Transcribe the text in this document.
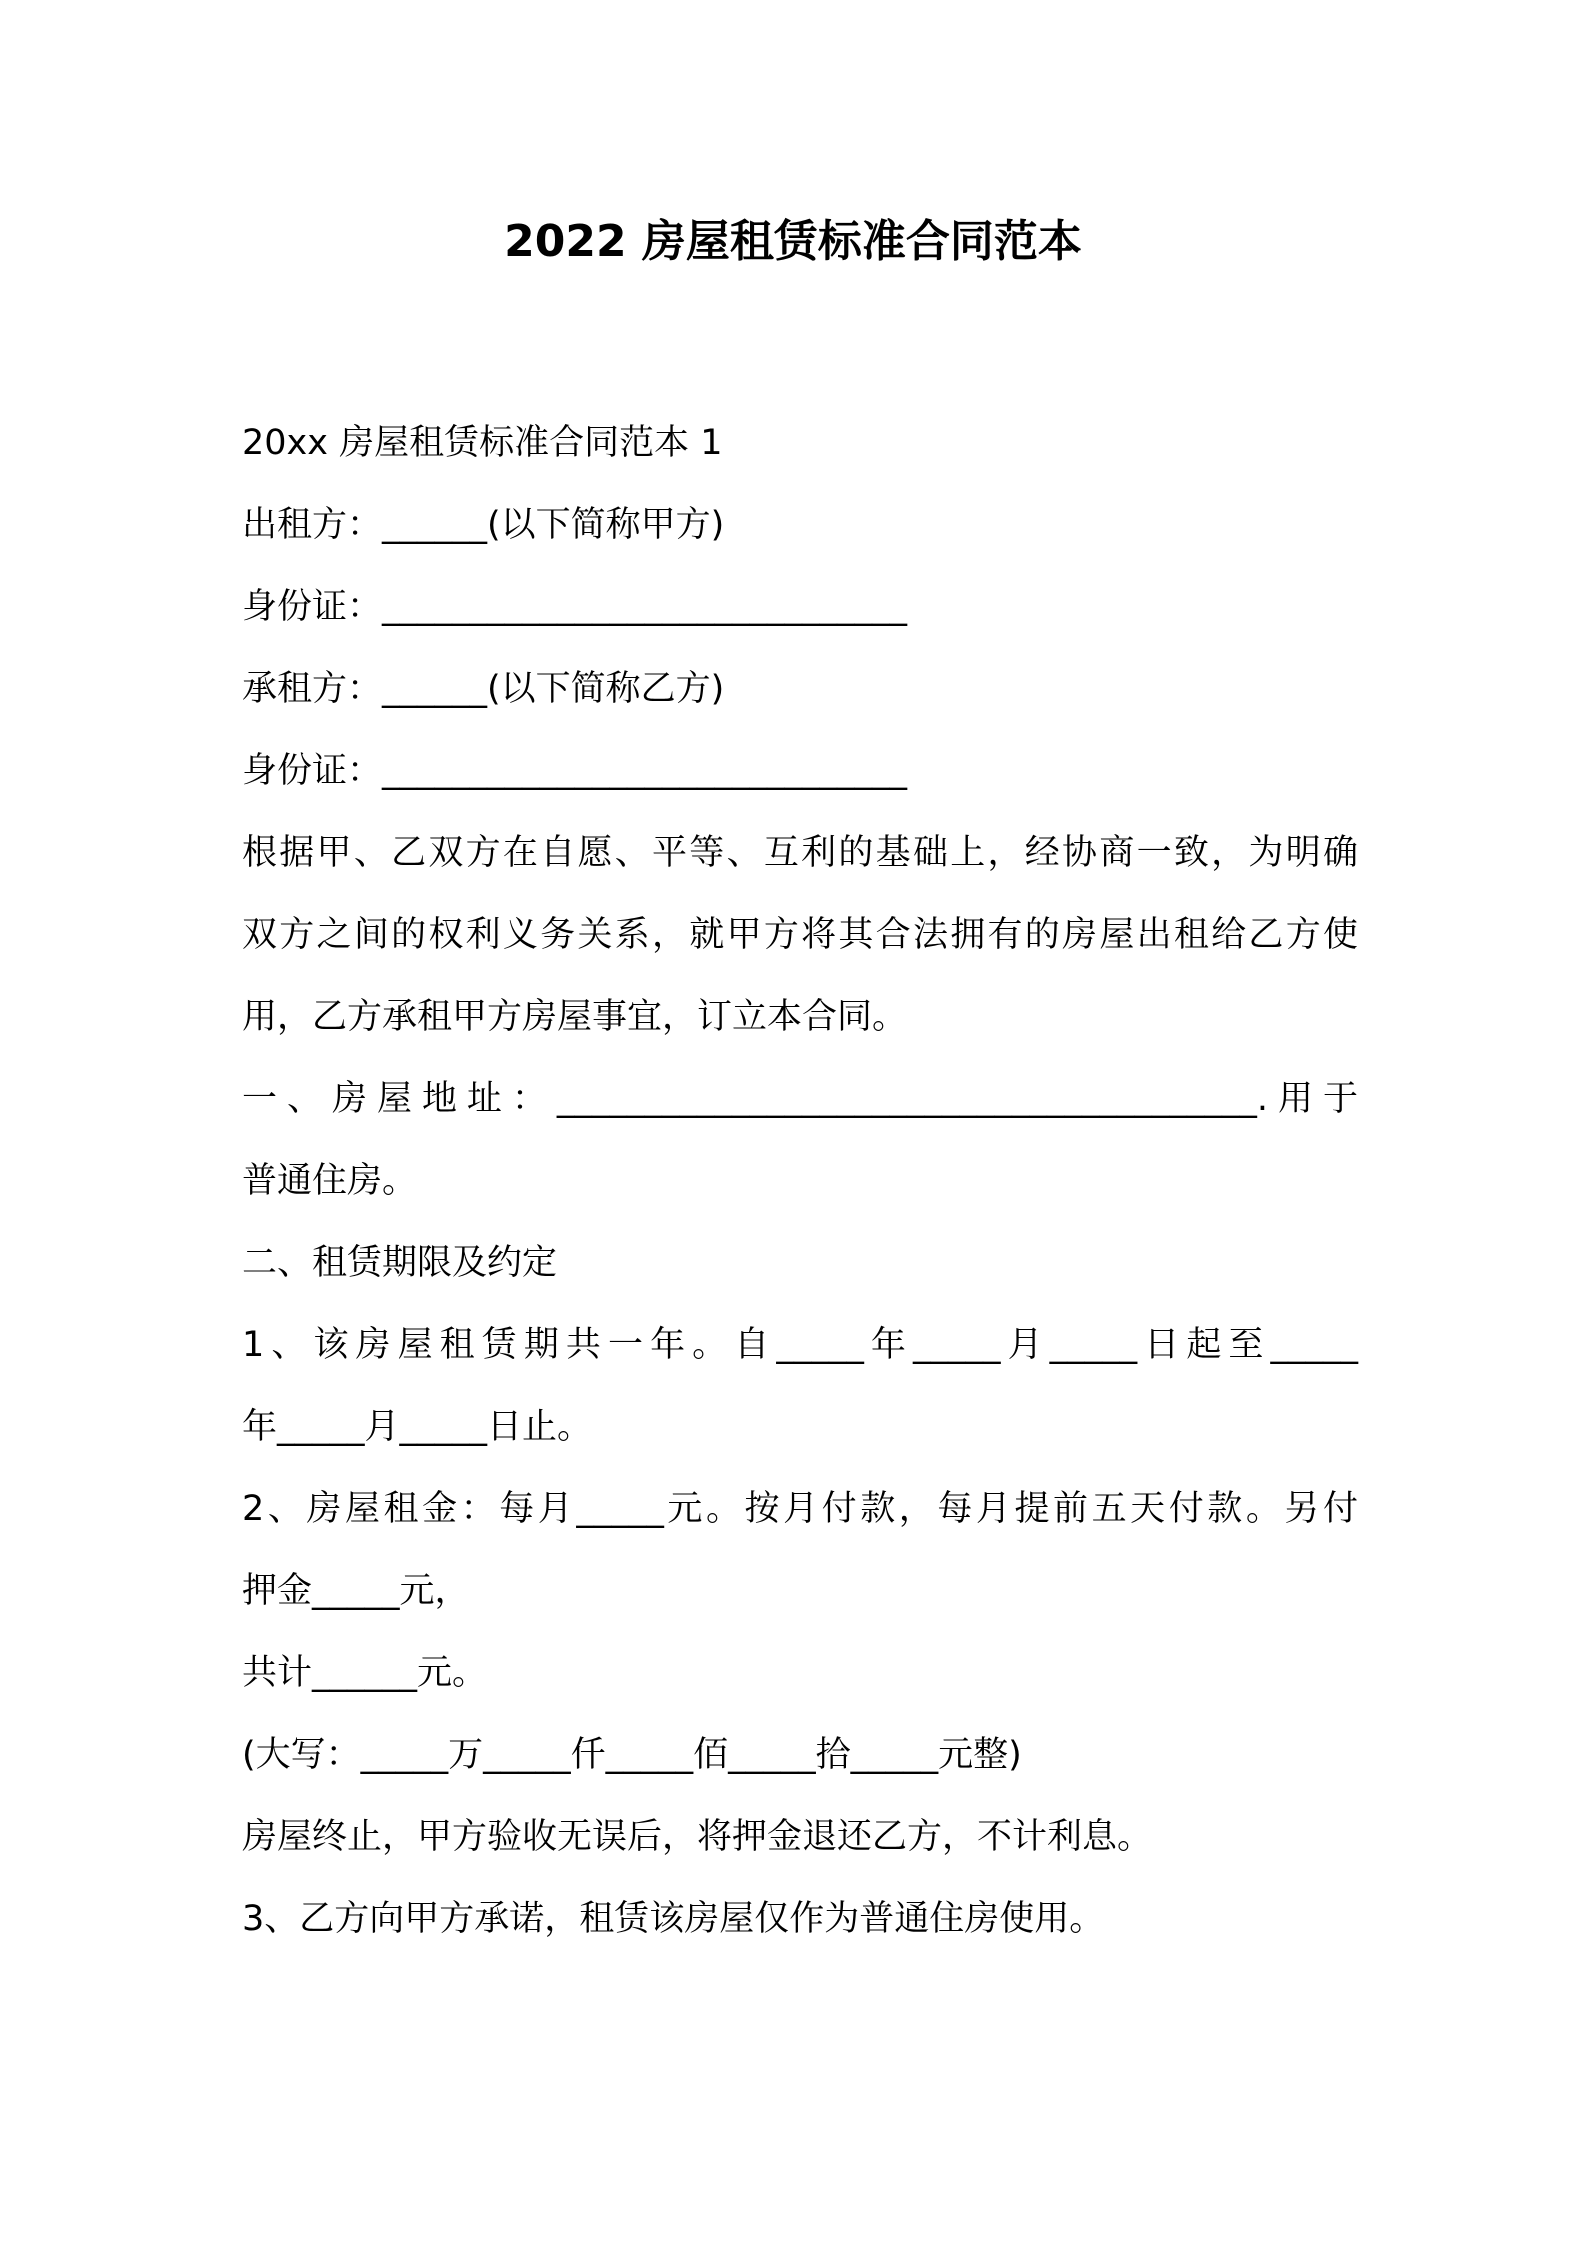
2022 房屋租赁标准合同范本
20xx 房屋租赁标准合同范本 1
出租方：______(以下简称甲方)
身份证：______________________________
承租方：______(以下简称乙方)
身份证：______________________________
根据甲、乙双方在自愿、平等、互利的基础上，经协商一致，为明确
双方之间的权利义务关系，就甲方将其合法拥有的房屋出租给乙方使
用，乙方承租甲方房屋事宜，订立本合同。
一、房屋地址：________________________________________.用于
普通住房。
二、租赁期限及约定
1、该房屋租赁期共一年。自_____年_____月_____日起至_____
年_____月_____日止。
2、房屋租金：每月_____元。按月付款，每月提前五天付款。另付
押金_____元，
共计______元。
(大写：_____万_____仟_____佰_____拾_____元整)
房屋终止，甲方验收无误后，将押金退还乙方，不计利息。
3、乙方向甲方承诺，租赁该房屋仅作为普通住房使用。
